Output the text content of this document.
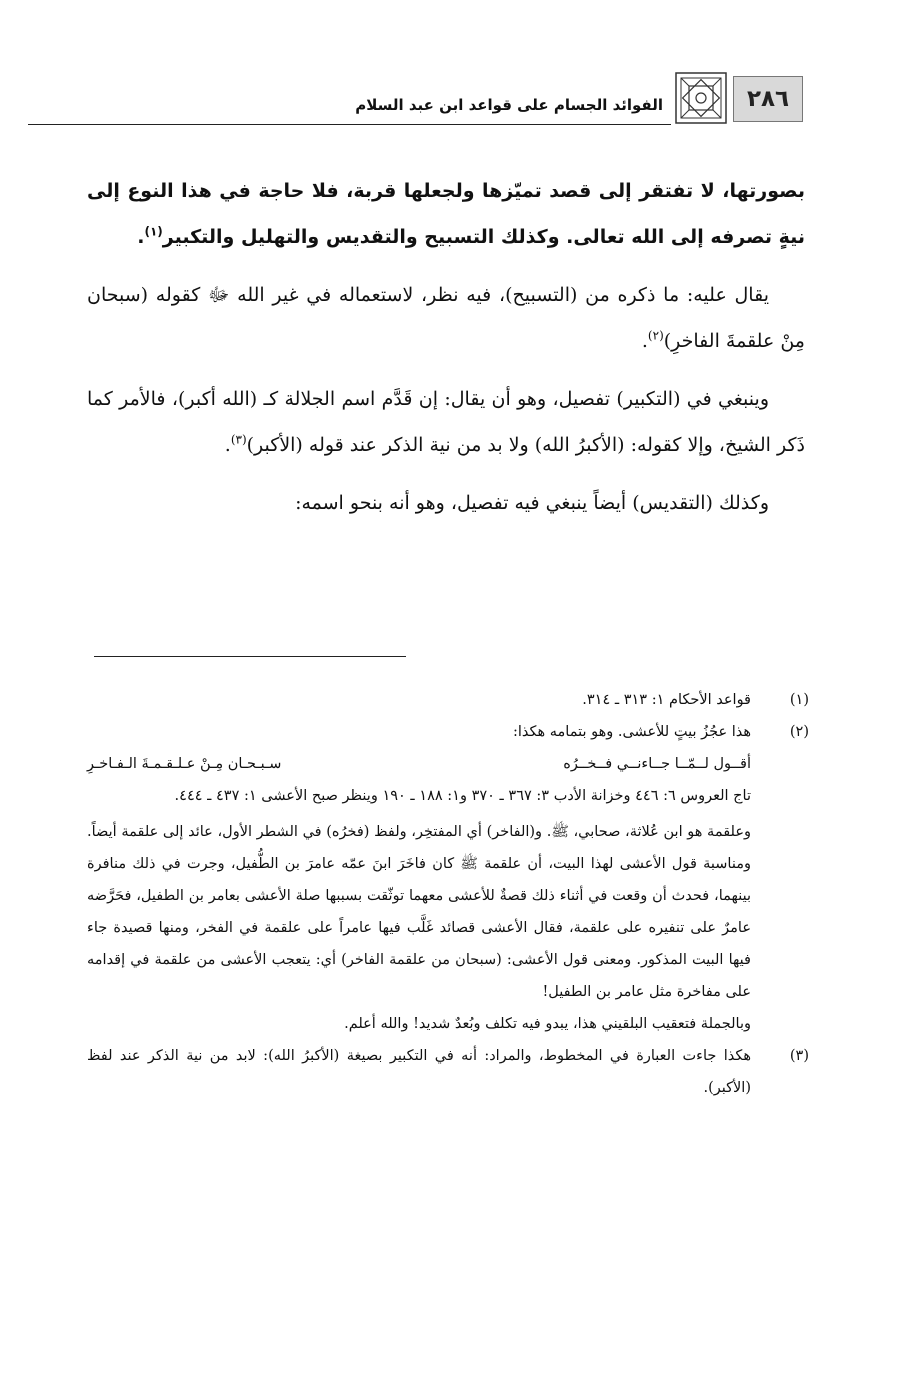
٢٨٦
الفوائد الجسام على قواعد ابن عبد السلام

بصورتها، لا تفتقر إلى قصد تميّزها ولجعلها قربة، فلا حاجة في هذا النوع إلى نيةٍ تصرفه إلى الله تعالى. وكذلك التسبيح والتقديس والتهليل والتكبير$^{(١)}$.

يقال عليه: ما ذكره من (التسبيح)، فيه نظر، لاستعماله في غير الله ﷻ كقوله (سبحان مِنْ علقمةَ الفاخرِ)$^{(٢)}$.

وينبغي في (التكبير) تفصيل، وهو أن يقال: إن قَدَّم اسم الجلالة كـ (الله أكبر)، فالأمر كما ذَكر الشيخ، وإلا كقوله: (الأكبرُ الله) ولا بد من نية الذكر عند قوله (الأكبر)$^{(٣)}$.

وكذلك (التقديس) أيضاً ينبغي فيه تفصيل، وهو أنه بنحو اسمه:

(١)
قواعد الأحكام ١: ٣١٣ ـ ٣١٤.
(٢)
هذا عجُزُ بيتٍ للأعشى. وهو بتمامه هكذا:
أقــول لــمّــا جــاءنــي فــخــرُه
سـبـحـان مِـنْ عـلـقـمـةَ الـفـاخـرِ
تاج العروس ٦: ٤٤٦ وخزانة الأدب ٣: ٣٦٧ ـ ٣٧٠ و١: ١٨٨ ـ ١٩٠ وينظر صبح الأعشى ١: ٤٣٧ ـ ٤٤٤.
وعلقمة هو ابن عُلاثة، صحابي، ﷺ. و(الفاخر) أي المفتخِر، ولفظ (فخرُه) في الشطر الأول، عائد إلى علقمة أيضاً. ومناسبة قول الأعشى لهذا البيت، أن علقمة ﷺ كان فاخَرَ ابنَ عمّه عامرَ بن الطُّفيل، وجرت في ذلك منافرة بينهما، فحدث أن وقعت في أثناء ذلك قصةٌ للأعشى معهما توثّقت بسببها صلة الأعشى بعامر بن الطفيل، فحَرَّضه عامرٌ على تنفيره على علقمة، فقال الأعشى قصائد غَلَّب فيها عامراً على علقمة في الفخر، ومنها قصيدة جاء فيها البيت المذكور. ومعنى قول الأعشى: (سبحان من علقمة الفاخر) أي: يتعجب الأعشى من علقمة في إقدامه على مفاخرة مثل عامر بن الطفيل!
وبالجملة فتعقيب البلقيني هذا، يبدو فيه تكلف وبُعدٌ شديد! والله أعلم.
(٣)
هكذا جاءت العبارة في المخطوط، والمراد: أنه في التكبير بصيغة (الأكبرُ الله): لابد من نية الذكر عند لفظ (الأكبر).
